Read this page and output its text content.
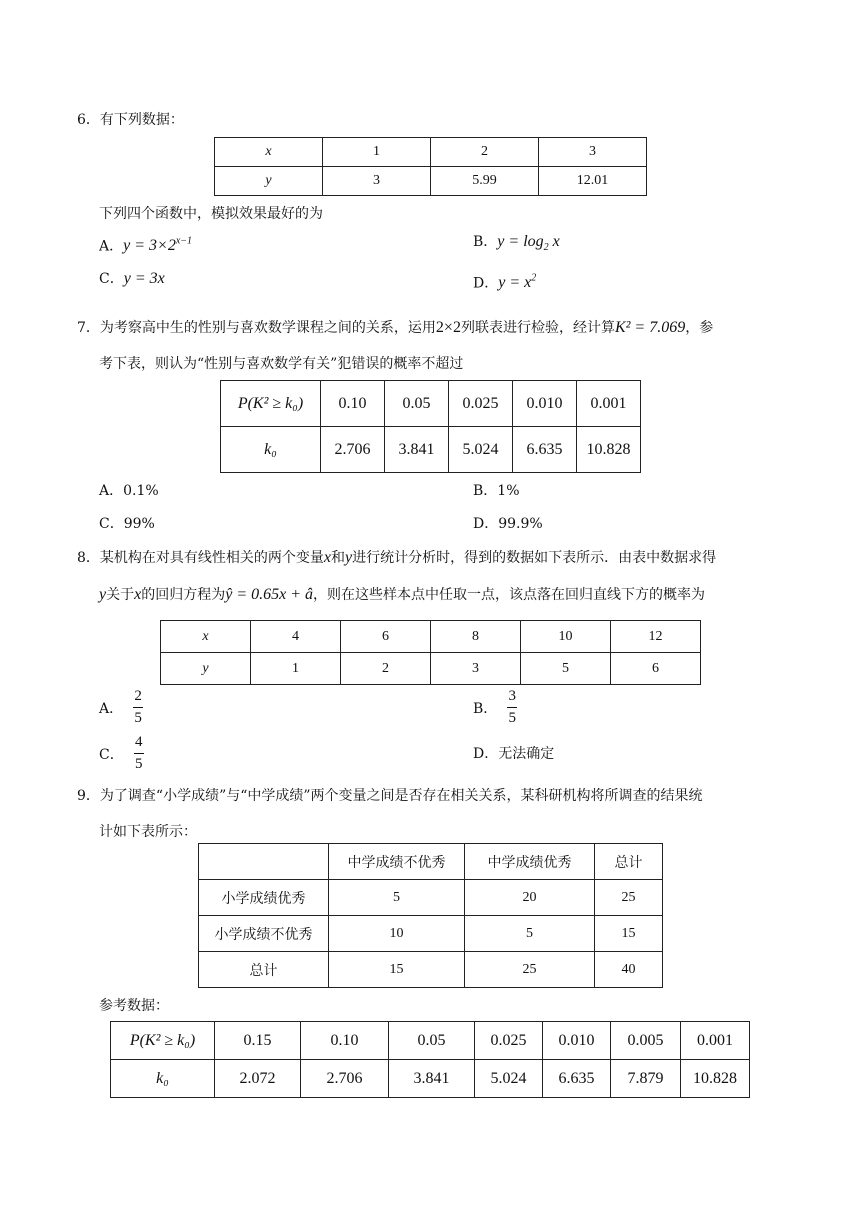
6．有下列数据：
x	1	2	3
y	3	5.99	12.01
下列四个函数中，模拟效果最好的为
A．$y = 3\times 2^{x-1}$	B．$y = \log_2 x$
C．y = 3x	D．$y = x^2$
7．为考察高中生的性别与喜欢数学课程之间的关系，运用2×2列联表进行检验，经计算K² = 7.069，参
考下表，则认为“性别与喜欢数学有关”犯错误的概率不超过
P(K² ≥ k₀)	0.10	0.05	0.025	0.010	0.001
k₀	2.706	3.841	5.024	6.635	10.828
A．0.1%	B．1%
C．99%	D．99.9%
8．某机构在对具有线性相关的两个变量x和y进行统计分析时，得到的数据如下表所示．由表中数据求得
y关于x的回归方程为ŷ = 0.65x + â，则在这些样本点中任取一点，该点落在回归直线下方的概率为
x	4	6	8	10	12
y	1	2	3	5	6
A． $\frac{2}{5}$	B． $\frac{3}{5}$
C． $\frac{4}{5}$	D．无法确定
9．为了调查“小学成绩”与“中学成绩”两个变量之间是否存在相关关系，某科研机构将所调查的结果统
计如下表所示：
	中学成绩不优秀	中学成绩优秀	总计
小学成绩优秀	5	20	25
小学成绩不优秀	10	5	15
总计	15	25	40
参考数据：
P(K² ≥ k₀)	0.15	0.10	0.05	0.025	0.010	0.005	0.001
k₀	2.072	2.706	3.841	5.024	6.635	7.879	10.828
